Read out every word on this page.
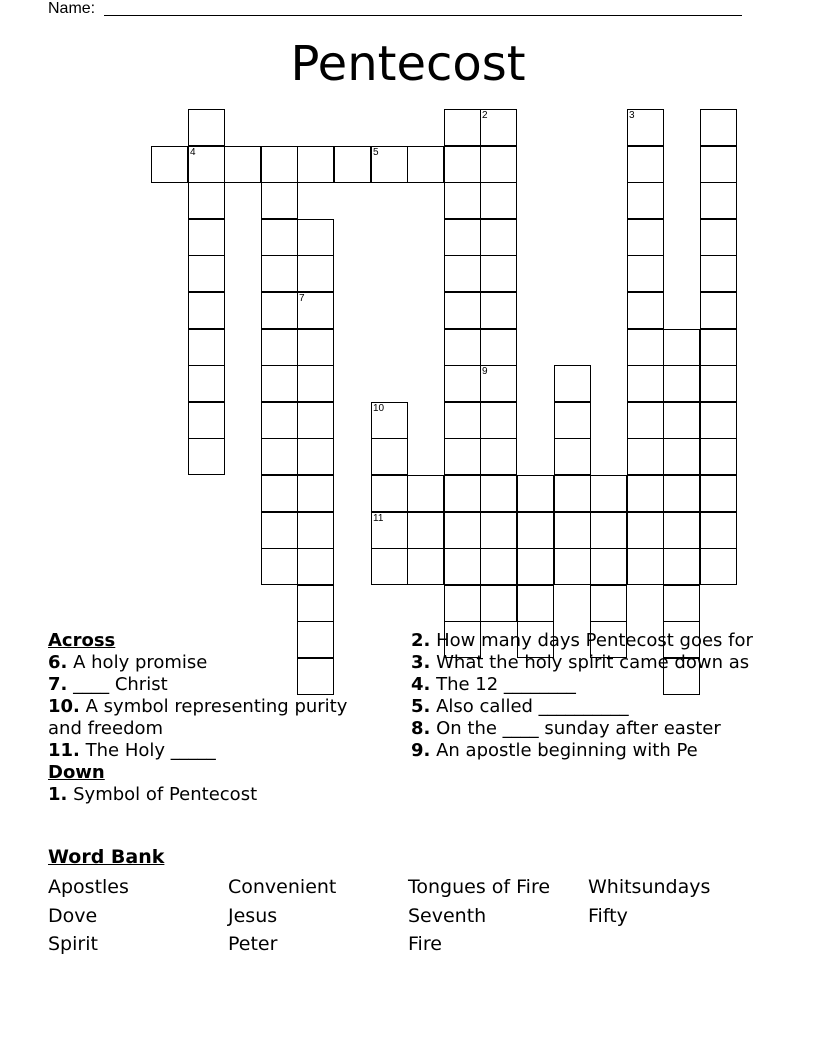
Name:
Pentecost
7
2
9
4	5
10
11
3
Across
6. A holy promise
7. ____ Christ
10. A symbol representing purity and freedom
11. The Holy _____
Down
1. Symbol of Pentecost
2. How many days Pentecost goes for
3. What the holy spirit came down as
4. The 12 ________
5. Also called __________
8. On the ____ sunday after easter
9. An apostle beginning with Pe
Word Bank
Apostles	Convenient	Tongues of Fire	Whitsundays
Dove	Jesus	Seventh	Fifty
Spirit	Peter	Fire
